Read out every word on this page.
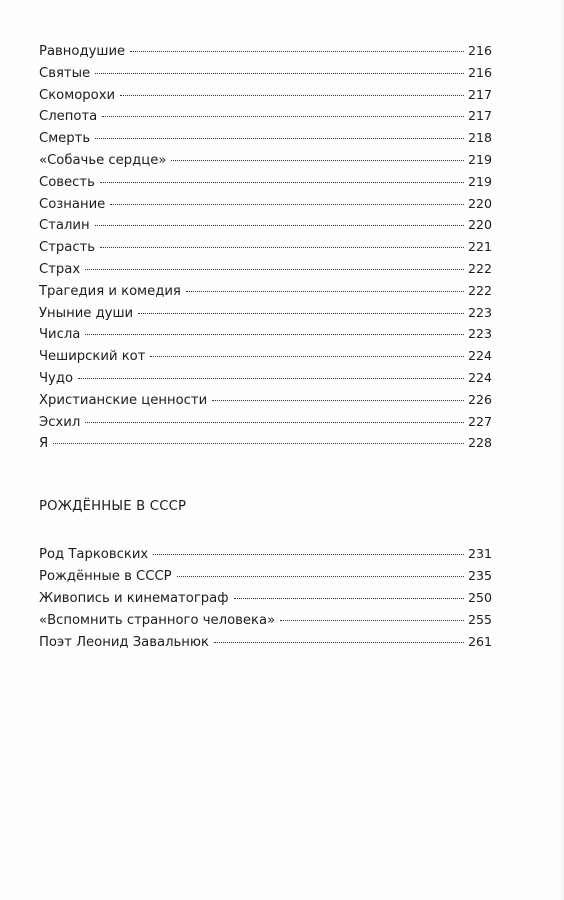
Равнодушие	216
Святые	216
Скоморохи	217
Слепота	217
Смерть	218
«Собачье сердце»	219
Совесть	219
Сознание	220
Сталин	220
Страсть	221
Страх	222
Трагедия и комедия	222
Уныние души	223
Числа	223
Чеширский кот	224
Чудо	224
Христианские ценности	226
Эсхил	227
Я	228
РОЖДЁННЫЕ В СССР
Род Тарковских	231
Рождённые в СССР	235
Живопись и кинематограф	250
«Вспомнить странного человека»	255
Поэт Леонид Завальнюк	261
